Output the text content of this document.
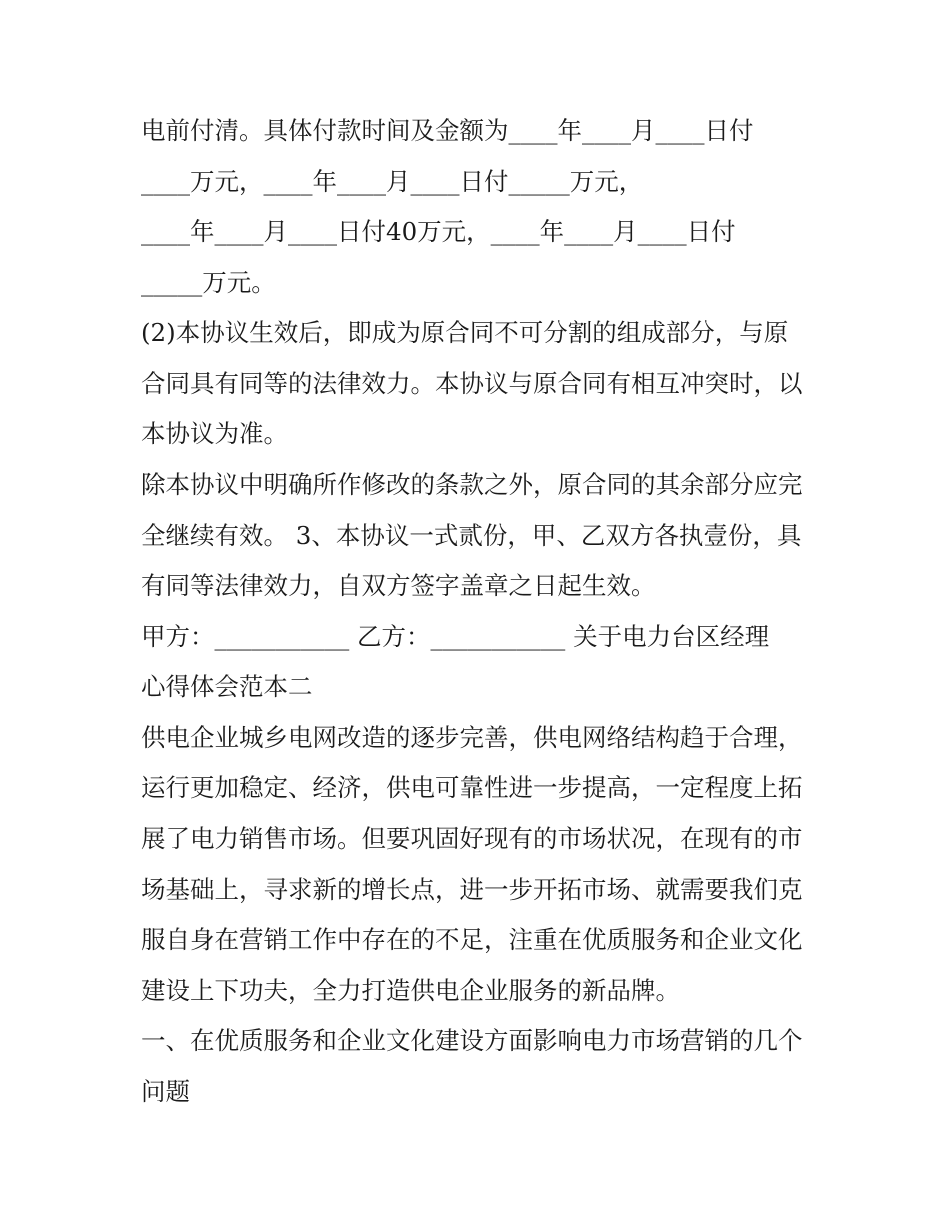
电前付清。具体付款时间及金额为____年____月____日付
____万元，____年____月____日付_____万元，
____年____月____日付40万元，____年____月____日付
_____万元。
(2)本协议生效后，即成为原合同不可分割的组成部分，与原
合同具有同等的法律效力。本协议与原合同有相互冲突时，以
本协议为准。
除本协议中明确所作修改的条款之外，原合同的其余部分应完
全继续有效。 3、本协议一式贰份，甲、乙双方各执壹份，具
有同等法律效力，自双方签字盖章之日起生效。
甲方：___________ 乙方：___________ 关于电力台区经理
心得体会范本二
供电企业城乡电网改造的逐步完善，供电网络结构趋于合理，
运行更加稳定、经济，供电可靠性进一步提高，一定程度上拓
展了电力销售市场。但要巩固好现有的市场状况，在现有的市
场基础上，寻求新的增长点，进一步开拓市场、就需要我们克
服自身在营销工作中存在的不足，注重在优质服务和企业文化
建设上下功夫，全力打造供电企业服务的新品牌。
一、在优质服务和企业文化建设方面影响电力市场营销的几个
问题
